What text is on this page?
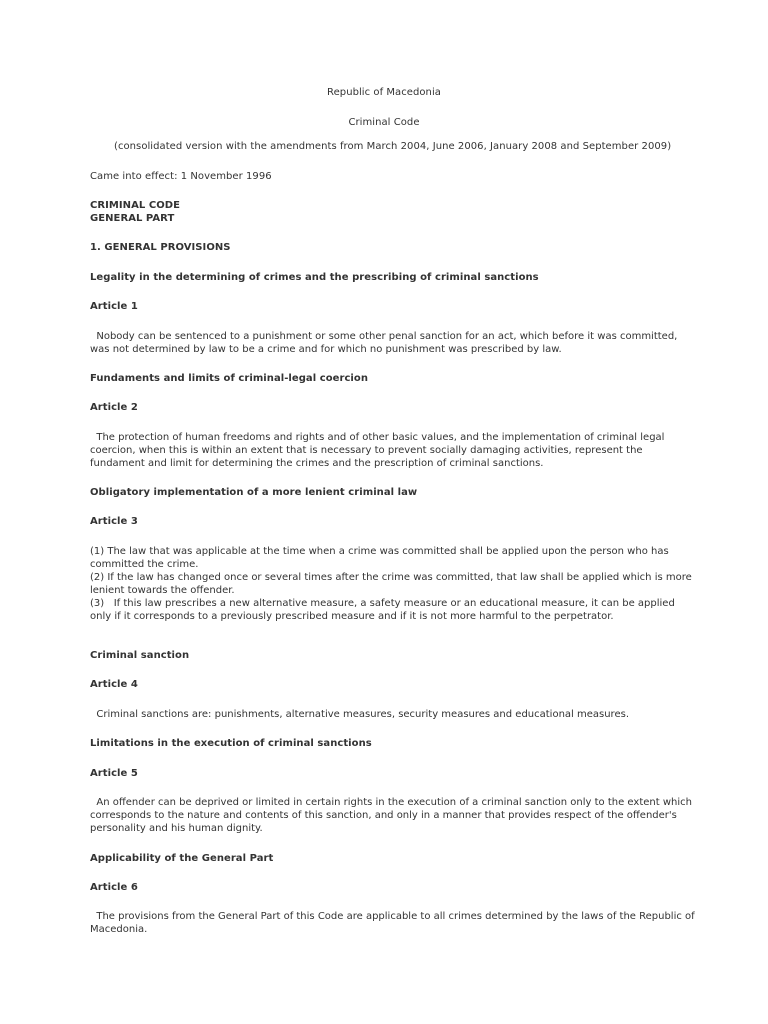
Republic of Macedonia
Criminal Code
(consolidated version with the amendments from March 2004, June 2006, January 2008 and September 2009)
Came into effect: 1 November 1996
CRIMINAL CODE
GENERAL PART
1. GENERAL PROVISIONS
Legality in the determining of crimes and the prescribing of criminal sanctions
Article 1
Nobody can be sentenced to a punishment or some other penal sanction for an act, which before it was committed,
was not determined by law to be a crime and for which no punishment was prescribed by law.
Fundaments and limits of criminal-legal coercion
Article 2
The protection of human freedoms and rights and of other basic values, and the implementation of criminal legal
coercion, when this is within an extent that is necessary to prevent socially damaging activities, represent the
fundament and limit for determining the crimes and the prescription of criminal sanctions.
Obligatory implementation of a more lenient criminal law
Article 3
(1) The law that was applicable at the time when a crime was committed shall be applied upon the person who has
committed the crime.
(2) If the law has changed once or several times after the crime was committed, that law shall be applied which is more
lenient towards the offender.
(3)   If this law prescribes a new alternative measure, a safety measure or an educational measure, it can be applied
only if it corresponds to a previously prescribed measure and if it is not more harmful to the perpetrator.
Criminal sanction
Article 4
Criminal sanctions are: punishments, alternative measures, security measures and educational measures.
Limitations in the execution of criminal sanctions
Article 5
An offender can be deprived or limited in certain rights in the execution of a criminal sanction only to the extent which
corresponds to the nature and contents of this sanction, and only in a manner that provides respect of the offender's
personality and his human dignity.
Applicability of the General Part
Article 6
The provisions from the General Part of this Code are applicable to all crimes determined by the laws of the Republic of
Macedonia.
